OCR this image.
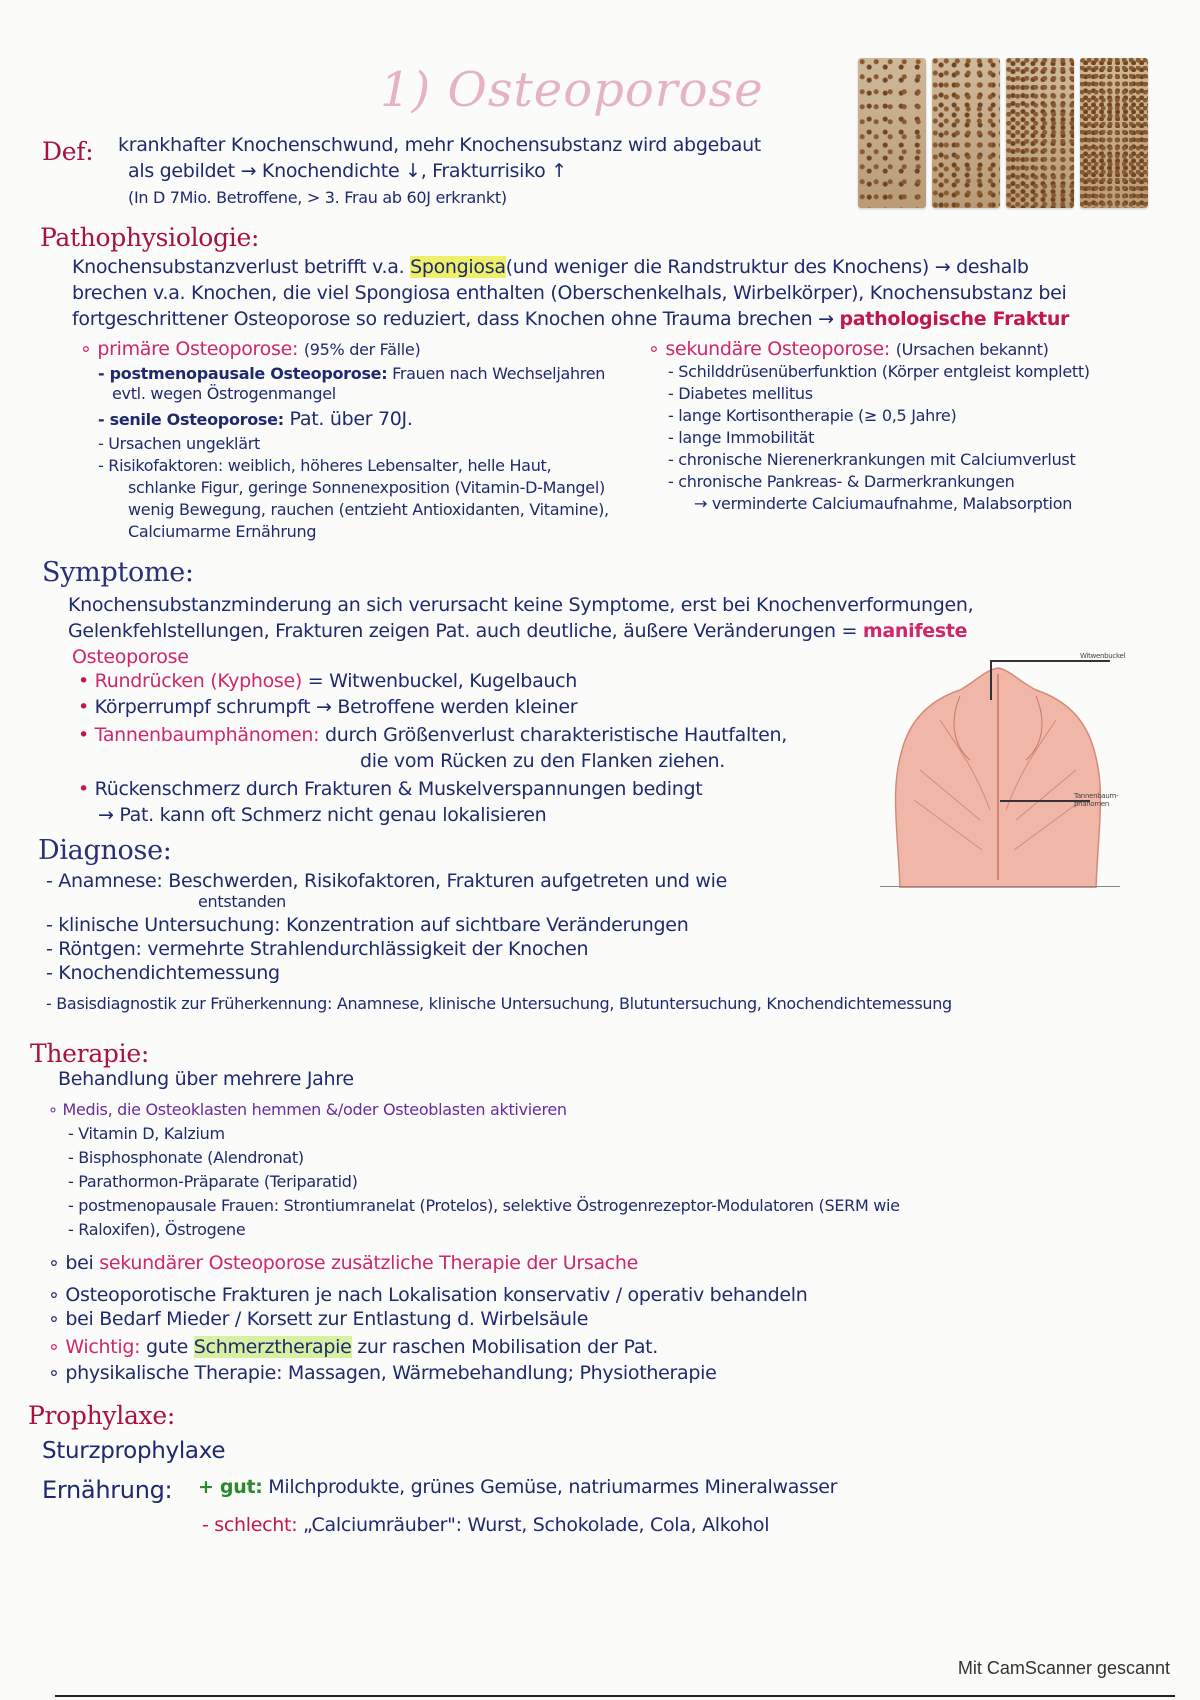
1) Osteoporose
Def: krankhafter Knochenschwund, mehr Knochensubstanz wird abgebaut
als gebildet → Knochendichte ↓, Frakturrisiko ↑
(In D 7Mio. Betroffene, > 3. Frau ab 60J erkrankt)
Pathophysiologie:
Knochensubstanzverlust betrifft v.a. Spongiosa(und weniger die Randstruktur des Knochens) → deshalb
brechen v.a. Knochen, die viel Spongiosa enthalten (Oberschenkelhals, Wirbelkörper), Knochensubstanz bei
fortgeschrittener Osteoporose so reduziert, dass Knochen ohne Trauma brechen → pathologische Fraktur
∘ primäre Osteoporose: (95% der Fälle)
- postmenopausale Osteoporose: Frauen nach Wechseljahren
evtl. wegen Östrogenmangel
- senile Osteoporose: Pat. über 70J.
- Ursachen ungeklärt
- Risikofaktoren: weiblich, höheres Lebensalter, helle Haut,
schlanke Figur, geringe Sonnenexposition (Vitamin-D-Mangel)
wenig Bewegung, rauchen (entzieht Antioxidanten, Vitamine),
Calciumarme Ernährung
∘ sekundäre Osteoporose: (Ursachen bekannt)
- Schilddrüsenüberfunktion (Körper entgleist komplett)
- Diabetes mellitus
- lange Kortisontherapie (≥ 0,5 Jahre)
- lange Immobilität
- chronische Nierenerkrankungen mit Calciumverlust
- chronische Pankreas- & Darmerkrankungen
→ verminderte Calciumaufnahme, Malabsorption
Symptome:
Knochensubstanzminderung an sich verursacht keine Symptome, erst bei Knochenverformungen,
Gelenkfehlstellungen, Frakturen zeigen Pat. auch deutliche, äußere Veränderungen = manifeste
Osteoporose
• Rundrücken (Kyphose) = Witwenbuckel, Kugelbauch
• Körperrumpf schrumpft → Betroffene werden kleiner
• Tannenbaumphänomen: durch Größenverlust charakteristische Hautfalten,
die vom Rücken zu den Flanken ziehen.
• Rückenschmerz durch Frakturen & Muskelverspannungen bedingt
→ Pat. kann oft Schmerz nicht genau lokalisieren
Witwenbuckel
Tannenbaum-phänomen
Diagnose:
- Anamnese: Beschwerden, Risikofaktoren, Frakturen aufgetreten und wie
entstanden
- klinische Untersuchung: Konzentration auf sichtbare Veränderungen
- Röntgen: vermehrte Strahlendurchlässigkeit der Knochen
- Knochendichtemessung
- Basisdiagnostik zur Früherkennung: Anamnese, klinische Untersuchung, Blutuntersuchung, Knochendichtemessung
Therapie:
Behandlung über mehrere Jahre
∘ Medis, die Osteoklasten hemmen &/oder Osteoblasten aktivieren
- Vitamin D, Kalzium
- Bisphosphonate (Alendronat)
- Parathormon-Präparate (Teriparatid)
- postmenopausale Frauen: Strontiumranelat (Protelos), selektive Östrogenrezeptor-Modulatoren (SERM wie
- Raloxifen), Östrogene
∘ bei sekundärer Osteoporose zusätzliche Therapie der Ursache
∘ Osteoporotische Frakturen je nach Lokalisation konservativ / operativ behandeln
∘ bei Bedarf Mieder / Korsett zur Entlastung d. Wirbelsäule
∘ Wichtig: gute Schmerztherapie zur raschen Mobilisation der Pat.
∘ physikalische Therapie: Massagen, Wärmebehandlung; Physiotherapie
Prophylaxe:
Sturzprophylaxe
Ernährung: + gut: Milchprodukte, grünes Gemüse, natriumarmes Mineralwasser
- schlecht: „Calciumräuber": Wurst, Schokolade, Cola, Alkohol
Mit CamScanner gescannt
